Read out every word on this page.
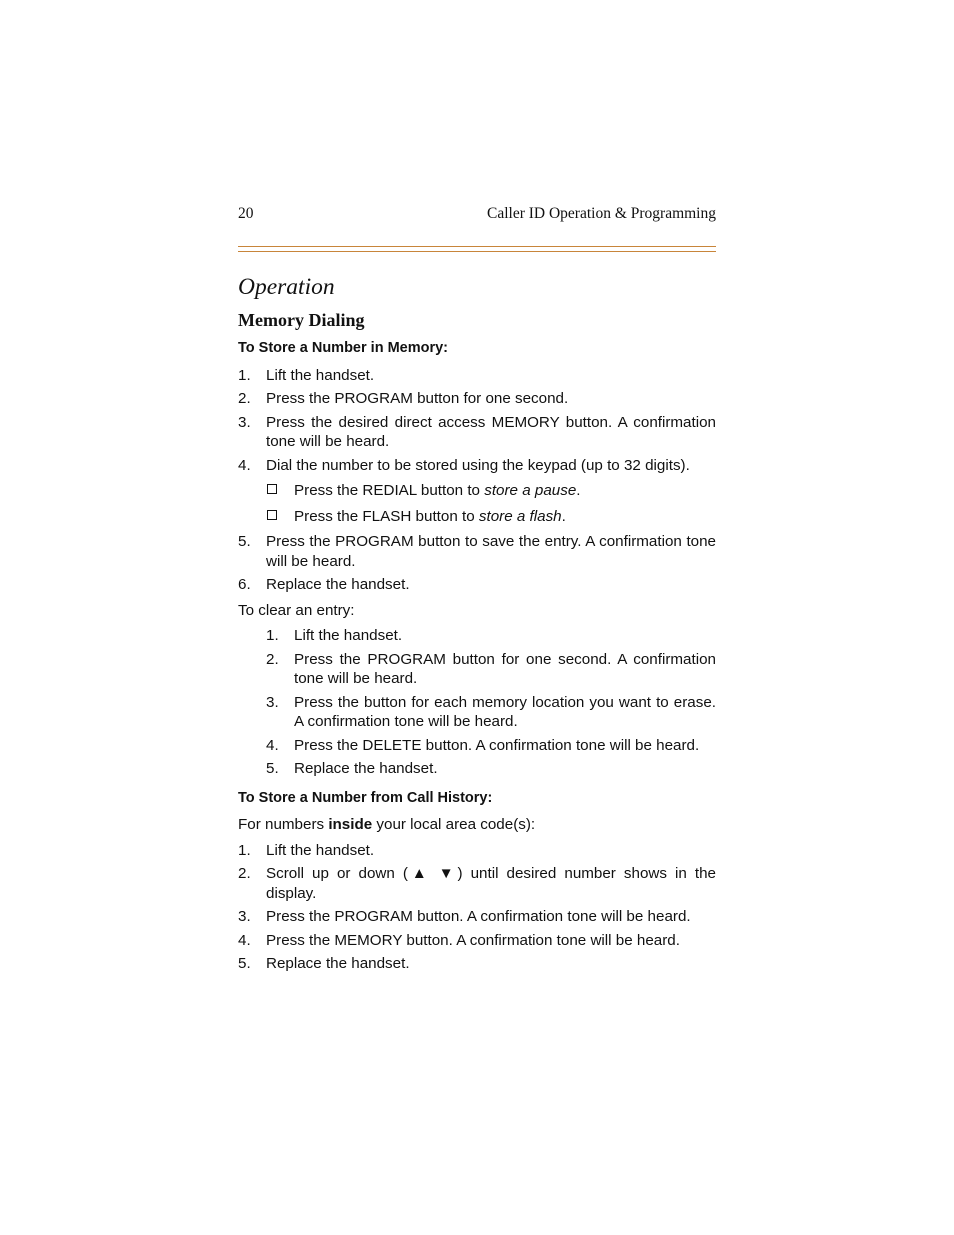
20	Caller ID Operation & Programming
Operation
Memory Dialing
To Store a Number in Memory:
1.	Lift the handset.
2.	Press the PROGRAM button for one second.
3.	Press the desired direct access MEMORY button. A confirmation tone will be heard.
4.	Dial the number to be stored using the keypad (up to 32 digits).
Press the REDIAL button to store a pause.
Press the FLASH button to store a flash.
5.	Press the PROGRAM button to save the entry. A confirmation tone will be heard.
6.	Replace the handset.
To clear an entry:
1.	Lift the handset.
2.	Press the PROGRAM button for one second. A confirmation tone will be heard.
3.	Press the button for each memory location you want to erase. A confirmation tone will be heard.
4.	Press the DELETE button. A confirmation tone will be heard.
5.	Replace the handset.
To Store a Number from Call History:
For numbers inside your local area code(s):
1.	Lift the handset.
2.	Scroll up or down (▲ ▼) until desired number shows in the display.
3.	Press the PROGRAM button. A confirmation tone will be heard.
4.	Press the MEMORY button. A confirmation tone will be heard.
5.	Replace the handset.
